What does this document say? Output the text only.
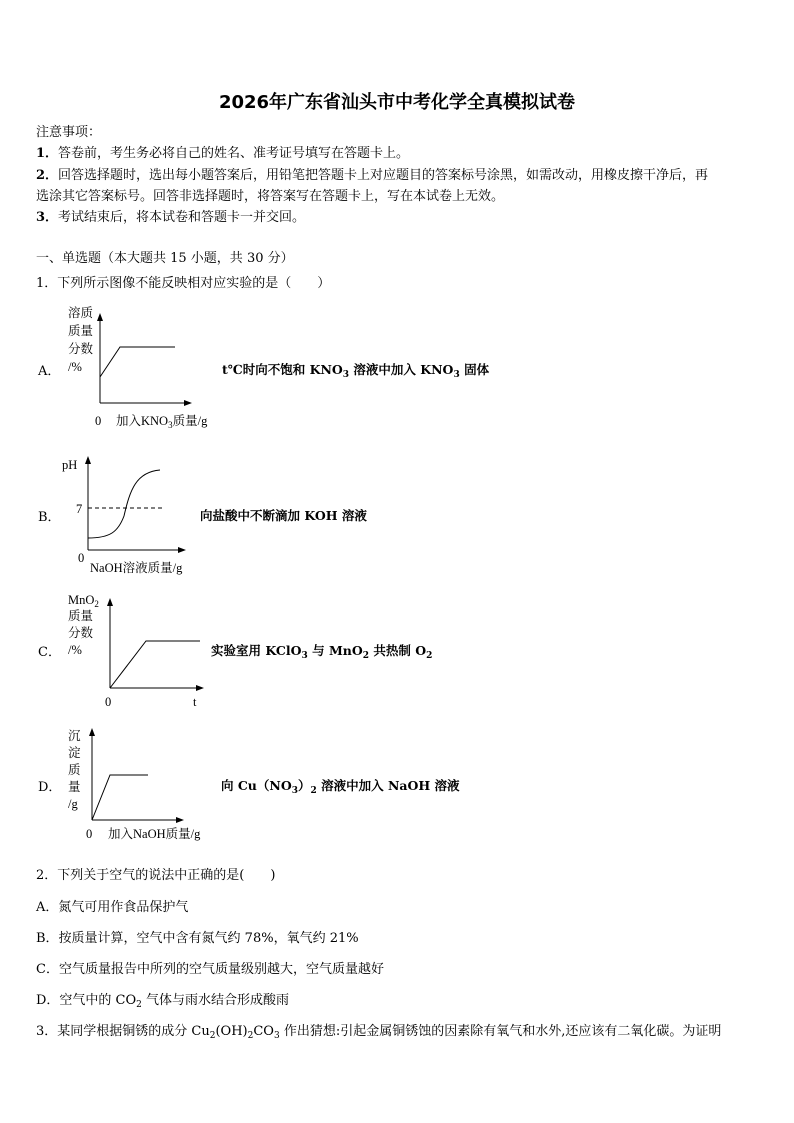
2026年广东省汕头市中考化学全真模拟试卷
注意事项：
1．答卷前，考生务必将自己的姓名、准考证号填写在答题卡上。
2．回答选择题时，选出每小题答案后，用铅笔把答题卡上对应题目的答案标号涂黑，如需改动，用橡皮擦干净后，再
选涂其它答案标号。回答非选择题时，将答案写在答题卡上，写在本试卷上无效。
3．考试结束后，将本试卷和答题卡一并交回。
一、单选题（本大题共 15 小题，共 30 分）
1．下列所示图像不能反映相对应实验的是（　　）
A．
溶质
质量
分数
/%
0 加入$KNO_3$质量/g
t℃时向不饱和 $KNO_3$ 溶液中加入 $KNO_3$ 固体
B．
pH
7
0
NaOH溶液质量/g
向盐酸中不断滴加 KOH 溶液
C．
MnO$_2$
质量
分数
/%
0	t
实验室用 KClO$_3$ 与 MnO$_2$ 共热制 $O_2$
D．
沉
淀
质
量
/g
0 加入NaOH质量/g
向 $Cu(NO_3)_2$ 溶液中加入 NaOH 溶液
2．下列关于空气的说法中正确的是(　　)
A．氮气可用作食品保护气
B．按质量计算，空气中含有氮气约 78%，氧气约 21%
C．空气质量报告中所列的空气质量级别越大，空气质量越好
D．空气中的 $CO_2$ 气体与雨水结合形成酸雨
3．某同学根据铜锈的成分 $Cu_2(OH)_2CO_3$ 作出猜想:引起金属铜锈蚀的因素除有氧气和水外,还应该有二氧化碳。为证明
